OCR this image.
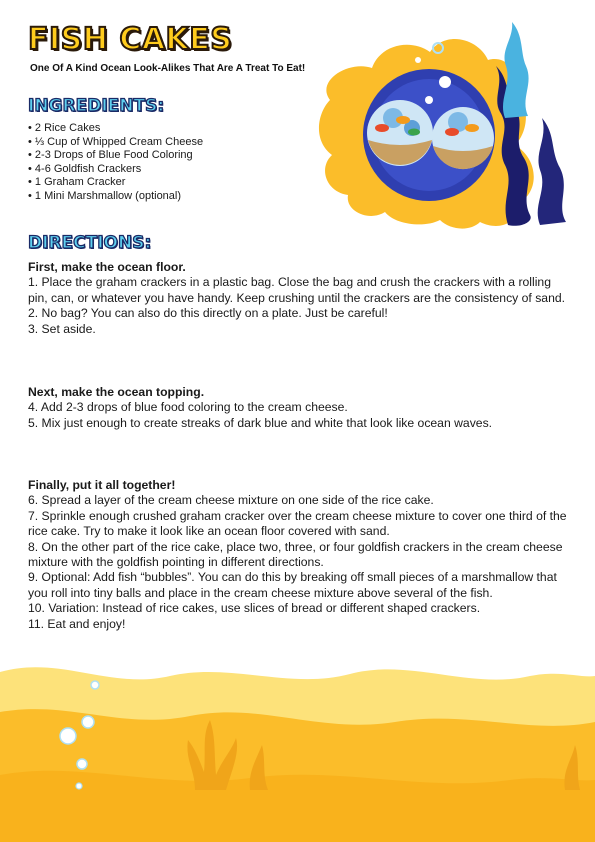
FISH CAKES
One Of A Kind Ocean Look-Alikes That Are A Treat To Eat!
INGREDIENTS:
• 2 Rice Cakes
• ⅓ Cup of Whipped Cream Cheese
• 2-3 Drops of Blue Food Coloring
• 4-6 Goldfish Crackers
• 1 Graham Cracker
• 1 Mini Marshmallow (optional)
DIRECTIONS:
First, make the ocean floor.
1. Place the graham crackers in a plastic bag. Close the bag and crush the crackers with a rolling pin, can, or whatever you have handy. Keep crushing until the crackers are the consistency of sand.
2. No bag? You can also do this directly on a plate. Just be careful!
3. Set aside.
Next, make the ocean topping.
4. Add 2-3 drops of blue food coloring to the cream cheese.
5. Mix just enough to create streaks of dark blue and white that look like ocean waves.
Finally, put it all together!
6. Spread a layer of the cream cheese mixture on one side of the rice cake.
7. Sprinkle enough crushed graham cracker over the cream cheese mixture to cover one third of the rice cake. Try to make it look like an ocean floor covered with sand.
8. On the other part of the rice cake, place two, three, or four goldfish crackers in the cream cheese mixture with the goldfish pointing in different directions.
9. Optional: Add fish “bubbles”. You can do this by breaking off small pieces of a marshmallow that you roll into tiny balls and place in the cream cheese mixture above several of the fish.
10. Variation: Instead of rice cakes, use slices of bread or different shaped crackers.
11. Eat and enjoy!
